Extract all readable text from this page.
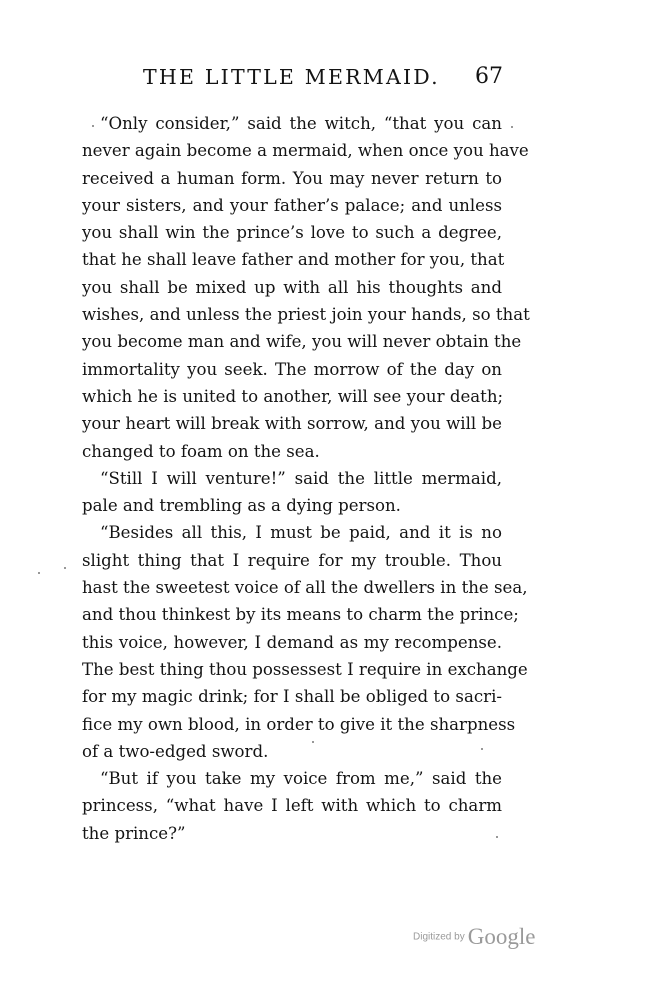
THE LITTLE MERMAID. 67
“Only consider,” said the witch, “that you can
never again become a mermaid, when once you have
received a human form. You may never return to
your sisters, and your father’s palace; and unless
you shall win the prince’s love to such a degree,
that he shall leave father and mother for you, that
you shall be mixed up with all his thoughts and
wishes, and unless the priest join your hands, so that
you become man and wife, you will never obtain the
immortality you seek. The morrow of the day on
which he is united to another, will see your death;
your heart will break with sorrow, and you will be
changed to foam on the sea.
“Still I will venture!” said the little mermaid,
pale and trembling as a dying person.
“Besides all this, I must be paid, and it is no
slight thing that I require for my trouble. Thou
hast the sweetest voice of all the dwellers in the sea,
and thou thinkest by its means to charm the prince;
this voice, however, I demand as my recompense.
The best thing thou possessest I require in exchange
for my magic drink; for I shall be obliged to sacri-
fice my own blood, in order to give it the sharpness
of a two-edged sword.
“But if you take my voice from me,” said the
princess, “what have I left with which to charm
the prince?”
Digitized by Google
